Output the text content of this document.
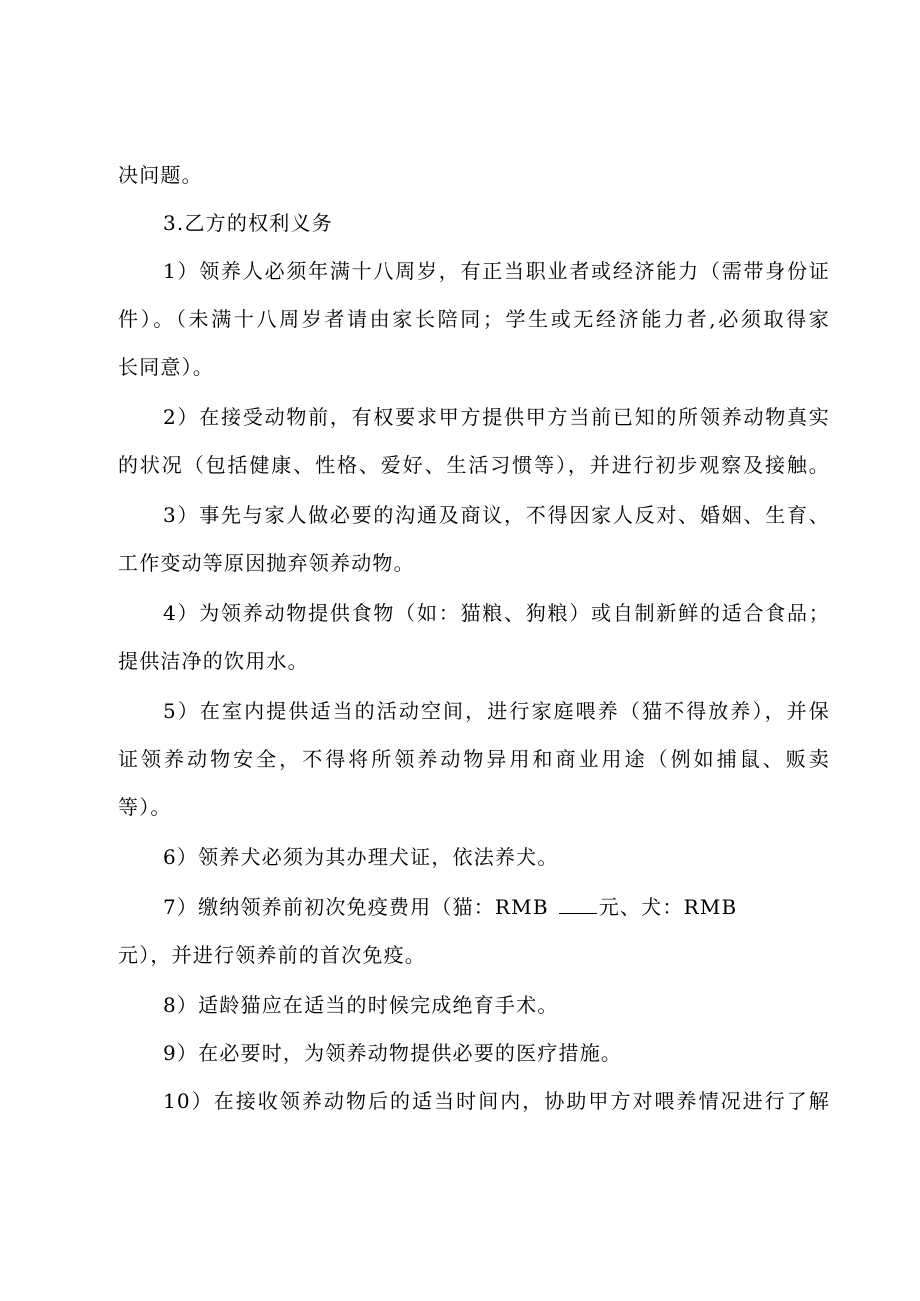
决问题。
3.乙方的权利义务
1）领养人必须年满十八周岁，有正当职业者或经济能力（需带身份证
件）。（未满十八周岁者请由家长陪同；学生或无经济能力者,必须取得家
长同意）。
2）在接受动物前，有权要求甲方提供甲方当前已知的所领养动物真实
的状况（包括健康、性格、爱好、生活习惯等），并进行初步观察及接触。
3）事先与家人做必要的沟通及商议，不得因家人反对、婚姻、生育、
工作变动等原因抛弃领养动物。
4）为领养动物提供食物（如：猫粮、狗粮）或自制新鲜的适合食品；
提供洁净的饮用水。
5）在室内提供适当的活动空间，进行家庭喂养（猫不得放养），并保
证领养动物安全，不得将所领养动物异用和商业用途（例如捕鼠、贩卖
等）。
6）领养犬必须为其办理犬证，依法养犬。
7）缴纳领养前初次免疫费用（猫：RMB	元、犬：RMB
元），并进行领养前的首次免疫。
8）适龄猫应在适当的时候完成绝育手术。
9）在必要时，为领养动物提供必要的医疗措施。
10）在接收领养动物后的适当时间内，协助甲方对喂养情况进行了解
